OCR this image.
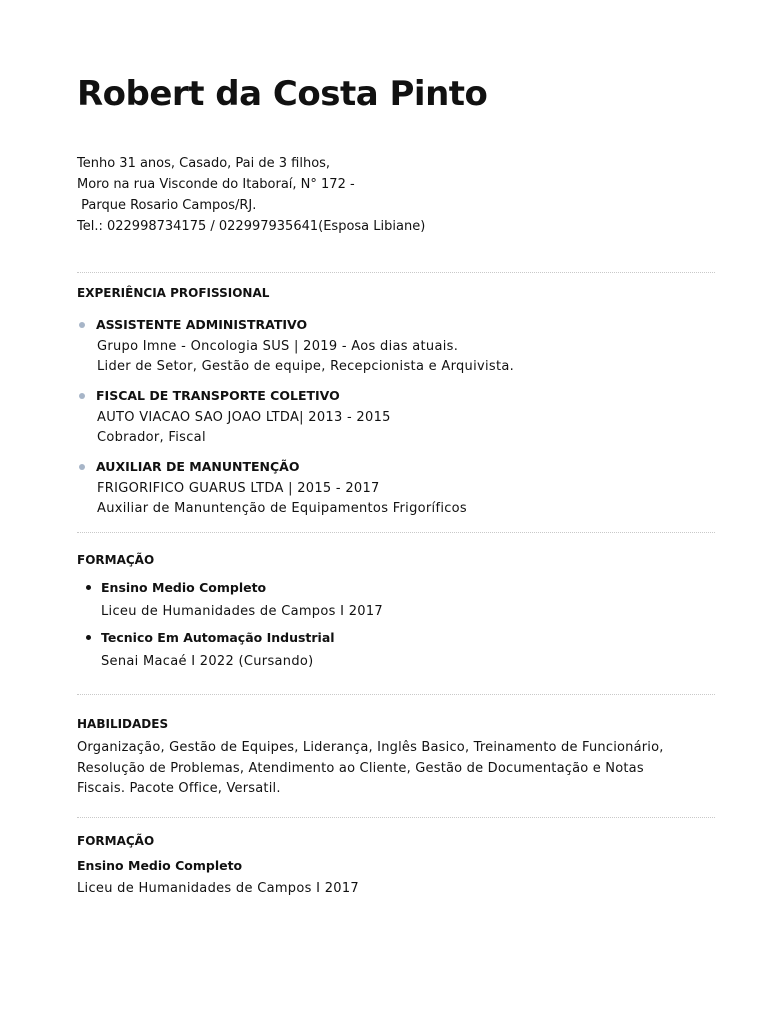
Robert da Costa Pinto
Tenho 31 anos, Casado, Pai de 3 filhos,
Moro na rua Visconde do Itaboraí, N° 172 -
Parque Rosario Campos/RJ.
Tel.: 022998734175 / 022997935641(Esposa Libiane)
EXPERIÊNCIA PROFISSIONAL
ASSISTENTE ADMINISTRATIVO
Grupo Imne - Oncologia SUS | 2019 - Aos dias atuais.
Lider de Setor, Gestão de equipe, Recepcionista e Arquivista.
FISCAL DE TRANSPORTE COLETIVO
AUTO VIACAO SAO JOAO LTDA| 2013 - 2015
Cobrador, Fiscal
AUXILIAR DE MANUNTENÇÃO
FRIGORIFICO GUARUS LTDA | 2015 - 2017
Auxiliar de Manuntenção de Equipamentos Frigoríficos
FORMAÇÃO
Ensino Medio Completo
Liceu de Humanidades de Campos I 2017
Tecnico Em Automação Industrial
Senai Macaé I 2022 (Cursando)
HABILIDADES
Organização, Gestão de Equipes, Liderança, Inglês Basico, Treinamento de Funcionário, Resolução de Problemas, Atendimento ao Cliente, Gestão de Documentação e Notas Fiscais. Pacote Office, Versatil.
FORMAÇÃO
Ensino Medio Completo
Liceu de Humanidades de Campos I 2017
